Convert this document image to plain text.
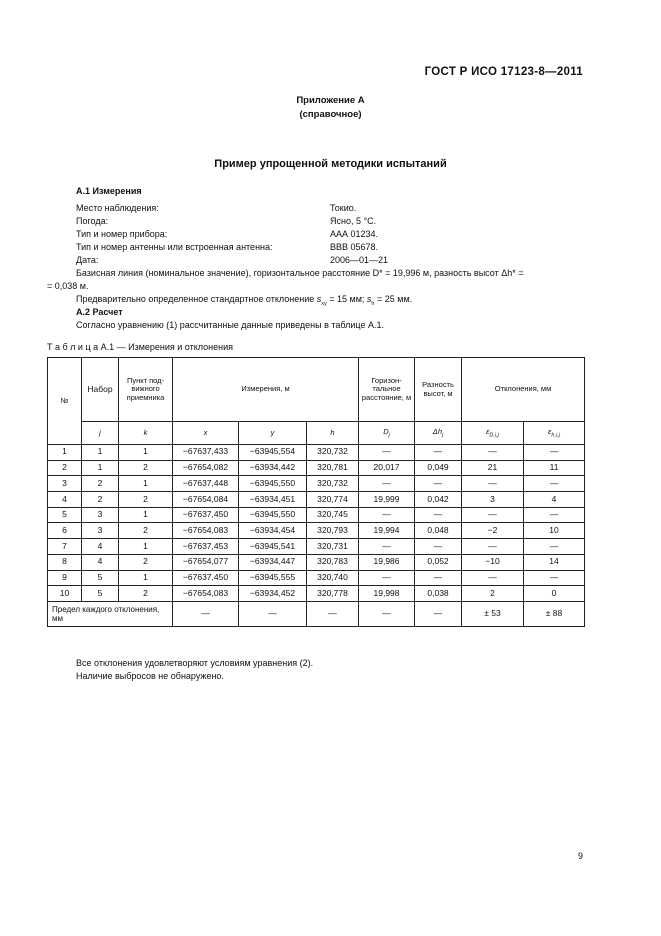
ГОСТ Р ИСО 17123-8—2011
Приложение А
(справочное)
Пример упрощенной методики испытаний
А.1 Измерения
Место наблюдения:	Токио.
Погода:	Ясно, 5 °С.
Тип и номер прибора:	ААА 01234.
Тип и номер антенны или встроенная антенна:	ВВВ 05678.
Дата:	2006—01—21
Базисная линия (номинальное значение), горизонтальное расстояние D* = 19,996 м, разность высот Δh* =
= 0,038 м.
Предварительно определенное стандартное отклонение $s_{xy} = 15$ мм; $s_h = 25$ мм.
А.2 Расчет
Согласно уравнению (1) рассчитанные данные приведены в таблице А.1.
Т а б л и ц а А.1 — Измерения и отклонения
№	Набор	Пункт под-вижного приемника	Измерения, м			Горизон-тальное расстояние, м	Разность высот, м	Отклонения, мм	
	j	k	x	y	h	$D_j$	$\Delta h_j$	$\varepsilon_{D,i,j}$	$\varepsilon_{h,i,j}$
1	1	1	−67637,433	−63945,554	320,732	—	—	—	—
2	1	2	−67654,082	−63934,442	320,781	20,017	0,049	21	11
3	2	1	−67637,448	−63945,550	320,732	—	—	—	—
4	2	2	−67654,084	−63934,451	320,774	19,999	0,042	3	4
5	3	1	−67637,450	−63945,550	320,745	—	—	—	—
6	3	2	−67654,083	−63934,454	320,793	19,994	0,048	−2	10
7	4	1	−67637,453	−63945,541	320,731	—	—	—	—
8	4	2	−67654,077	−63934,447	320,783	19,986	0,052	−10	14
9	5	1	−67637,450	−63945,555	320,740	—	—	—	—
10	5	2	−67654,083	−63934,452	320,778	19,998	0,038	2	0
Предел каждого отклонения, мм			—	—	—	—	—	± 53	± 88
Все отклонения удовлетворяют условиям уравнения (2).
Наличие выбросов не обнаружено.
9
